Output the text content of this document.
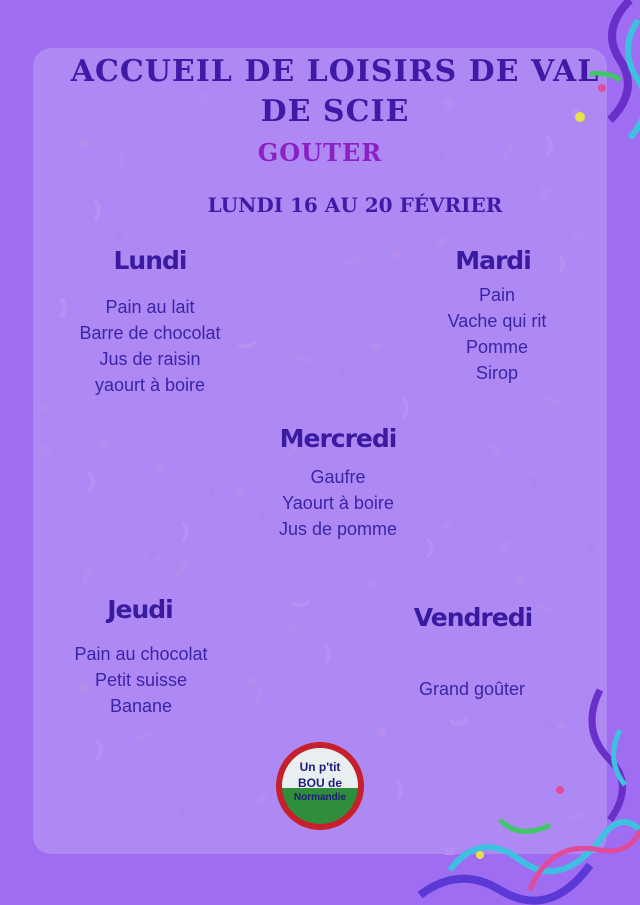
ACCUEIL DE LOISIRS DE VAL DE SCIE
GOUTER
LUNDI 16 AU 20 FÉVRIER
Lundi
Pain au lait
Barre de chocolat
Jus de raisin
yaourt à boire
Mardi
Pain
Vache qui rit
Pomme
Sirop
Mercredi
Gaufre
Yaourt à boire
Jus de pomme
Jeudi
Pain au chocolat
Petit suisse
Banane
Vendredi
Grand goûter
Un p'tit
BOU de
Normandie
